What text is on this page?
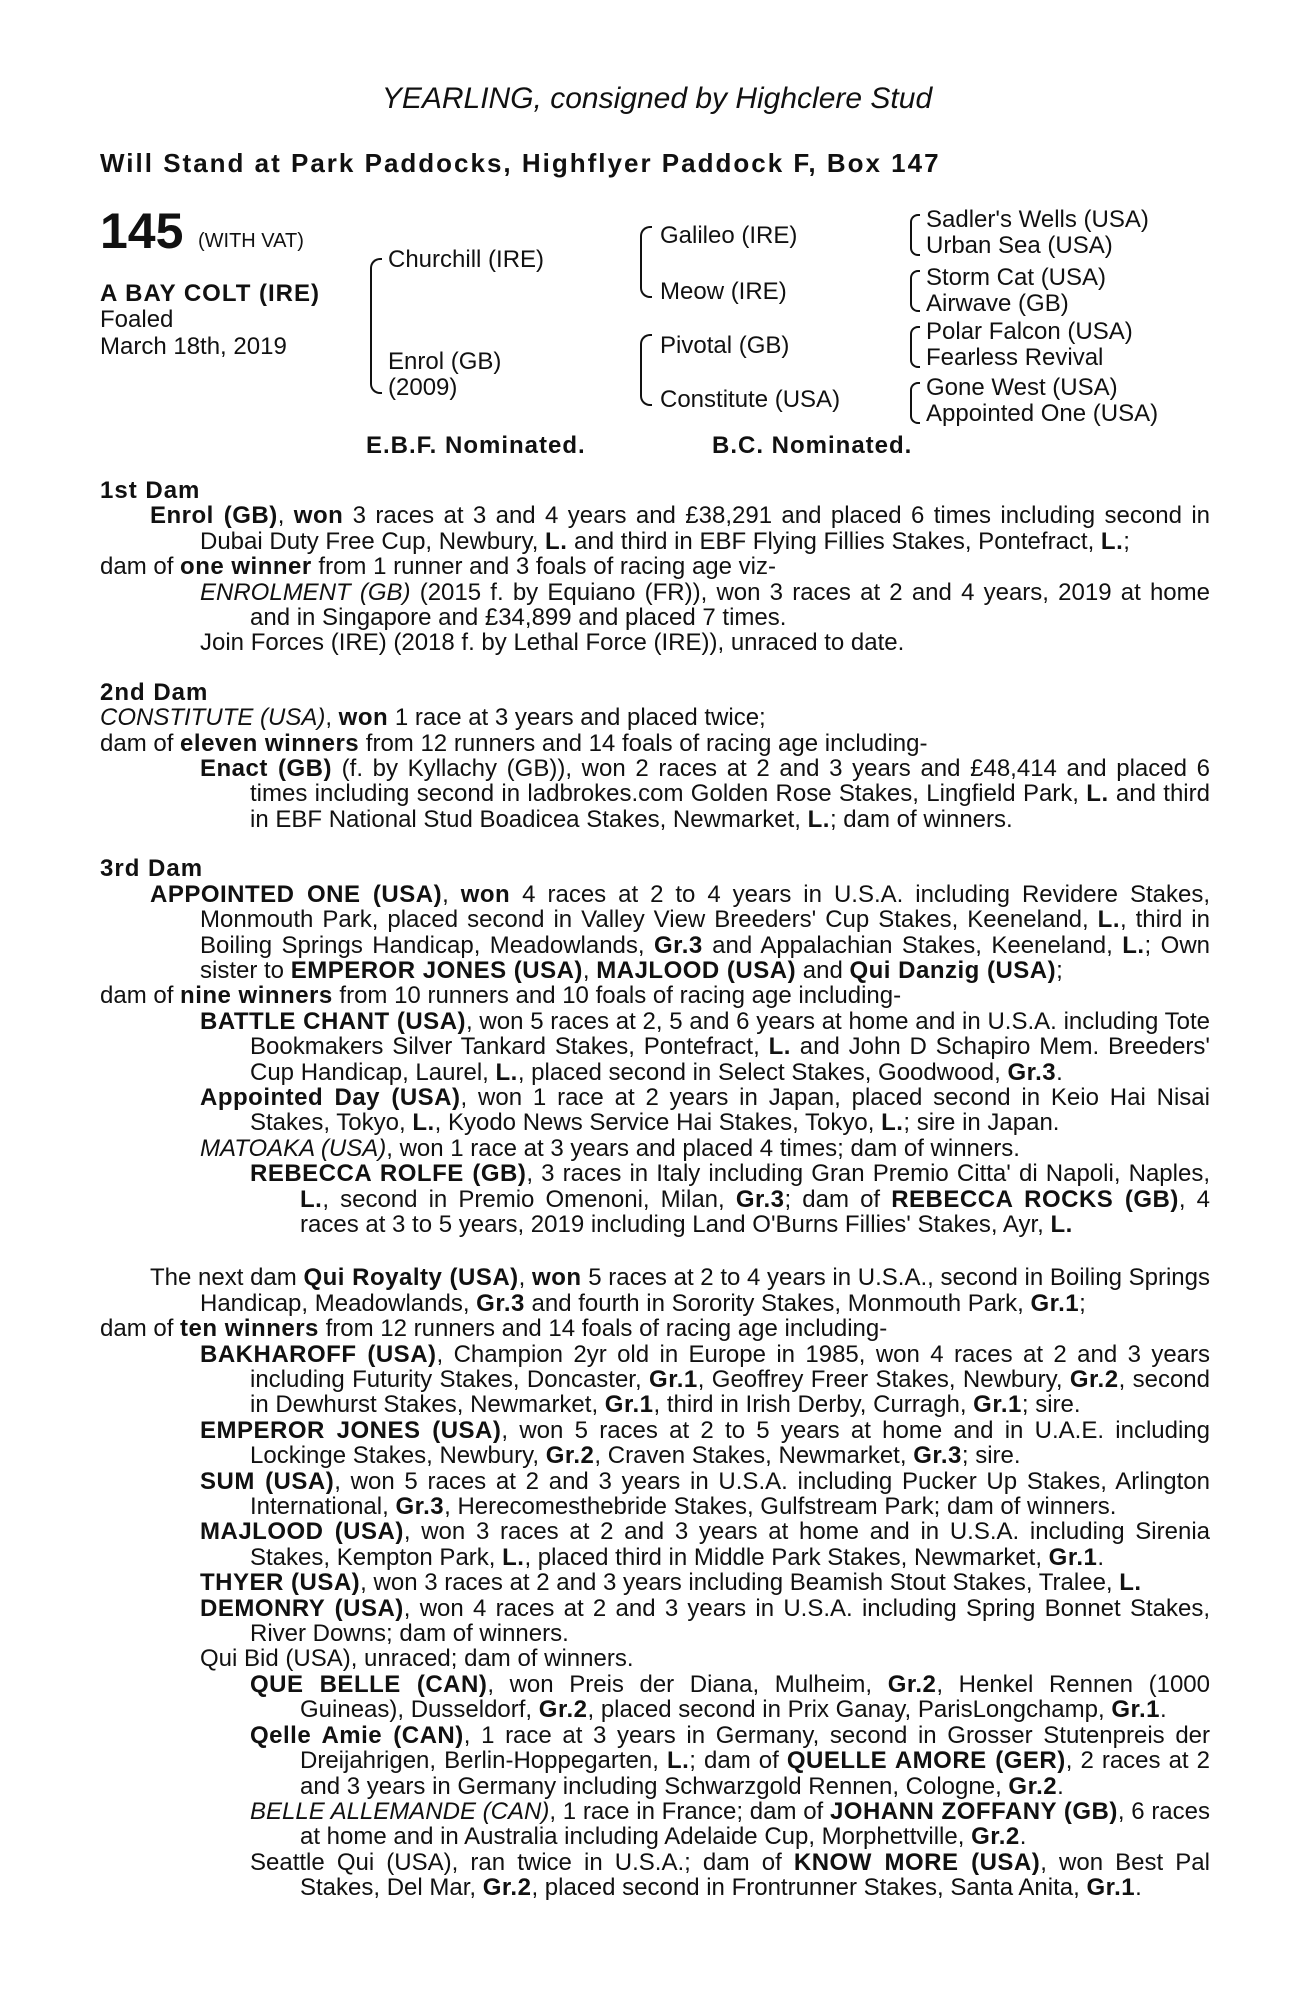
YEARLING, consigned by Highclere Stud
Will Stand at Park Paddocks, Highflyer Paddock F, Box 147
145 (WITH VAT)
A BAY COLT (IRE)
Foaled
March 18th, 2019
Churchill (IRE)
Enrol (GB)
(2009)
Galileo (IRE)
Meow (IRE)
Pivotal (GB)
Constitute (USA)
Sadler's Wells (USA)
Urban Sea (USA)
Storm Cat (USA)
Airwave (GB)
Polar Falcon (USA)
Fearless Revival
Gone West (USA)
Appointed One (USA)
E.B.F. Nominated.	B.C. Nominated.

1st Dam

Enrol (GB), won 3 races at 3 and 4 years and £38,291 and placed 6 times including second in Dubai Duty Free Cup, Newbury, L. and third in EBF Flying Fillies Stakes, Pontefract, L.;

dam of one winner from 1 runner and 3 foals of racing age viz-

ENROLMENT (GB) (2015 f. by Equiano (FR)), won 3 races at 2 and 4 years, 2019 at home and in Singapore and £34,899 and placed 7 times.

Join Forces (IRE) (2018 f. by Lethal Force (IRE)), unraced to date.

2nd Dam

CONSTITUTE (USA), won 1 race at 3 years and placed twice;

dam of eleven winners from 12 runners and 14 foals of racing age including-

Enact (GB) (f. by Kyllachy (GB)), won 2 races at 2 and 3 years and £48,414 and placed 6 times including second in ladbrokes.com Golden Rose Stakes, Lingfield Park, L. and third in EBF National Stud Boadicea Stakes, Newmarket, L.; dam of winners.

3rd Dam

APPOINTED ONE (USA), won 4 races at 2 to 4 years in U.S.A. including Revidere Stakes, Monmouth Park, placed second in Valley View Breeders' Cup Stakes, Keeneland, L., third in Boiling Springs Handicap, Meadowlands, Gr.3 and Appalachian Stakes, Keeneland, L.; Own sister to EMPEROR JONES (USA), MAJLOOD (USA) and Qui Danzig (USA);

dam of nine winners from 10 runners and 10 foals of racing age including-

BATTLE CHANT (USA), won 5 races at 2, 5 and 6 years at home and in U.S.A. including Tote Bookmakers Silver Tankard Stakes, Pontefract, L. and John D Schapiro Mem. Breeders' Cup Handicap, Laurel, L., placed second in Select Stakes, Goodwood, Gr.3.

Appointed Day (USA), won 1 race at 2 years in Japan, placed second in Keio Hai Nisai Stakes, Tokyo, L., Kyodo News Service Hai Stakes, Tokyo, L.; sire in Japan.

MATOAKA (USA), won 1 race at 3 years and placed 4 times; dam of winners.

REBECCA ROLFE (GB), 3 races in Italy including Gran Premio Citta' di Napoli, Naples, L., second in Premio Omenoni, Milan, Gr.3; dam of REBECCA ROCKS (GB), 4 races at 3 to 5 years, 2019 including Land O'Burns Fillies' Stakes, Ayr, L.

The next dam Qui Royalty (USA), won 5 races at 2 to 4 years in U.S.A., second in Boiling Springs Handicap, Meadowlands, Gr.3 and fourth in Sorority Stakes, Monmouth Park, Gr.1;

dam of ten winners from 12 runners and 14 foals of racing age including-

BAKHAROFF (USA), Champion 2yr old in Europe in 1985, won 4 races at 2 and 3 years including Futurity Stakes, Doncaster, Gr.1, Geoffrey Freer Stakes, Newbury, Gr.2, second in Dewhurst Stakes, Newmarket, Gr.1, third in Irish Derby, Curragh, Gr.1; sire.

EMPEROR JONES (USA), won 5 races at 2 to 5 years at home and in U.A.E. including Lockinge Stakes, Newbury, Gr.2, Craven Stakes, Newmarket, Gr.3; sire.

SUM (USA), won 5 races at 2 and 3 years in U.S.A. including Pucker Up Stakes, Arlington International, Gr.3, Herecomesthebride Stakes, Gulfstream Park; dam of winners.

MAJLOOD (USA), won 3 races at 2 and 3 years at home and in U.S.A. including Sirenia Stakes, Kempton Park, L., placed third in Middle Park Stakes, Newmarket, Gr.1.

THYER (USA), won 3 races at 2 and 3 years including Beamish Stout Stakes, Tralee, L.

DEMONRY (USA), won 4 races at 2 and 3 years in U.S.A. including Spring Bonnet Stakes, River Downs; dam of winners.

Qui Bid (USA), unraced; dam of winners.

QUE BELLE (CAN), won Preis der Diana, Mulheim, Gr.2, Henkel Rennen (1000 Guineas), Dusseldorf, Gr.2, placed second in Prix Ganay, ParisLongchamp, Gr.1.

Qelle Amie (CAN), 1 race at 3 years in Germany, second in Grosser Stutenpreis der Dreijahrigen, Berlin-Hoppegarten, L.; dam of QUELLE AMORE (GER), 2 races at 2 and 3 years in Germany including Schwarzgold Rennen, Cologne, Gr.2.

BELLE ALLEMANDE (CAN), 1 race in France; dam of JOHANN ZOFFANY (GB), 6 races at home and in Australia including Adelaide Cup, Morphettville, Gr.2.

Seattle Qui (USA), ran twice in U.S.A.; dam of KNOW MORE (USA), won Best Pal Stakes, Del Mar, Gr.2, placed second in Frontrunner Stakes, Santa Anita, Gr.1.
